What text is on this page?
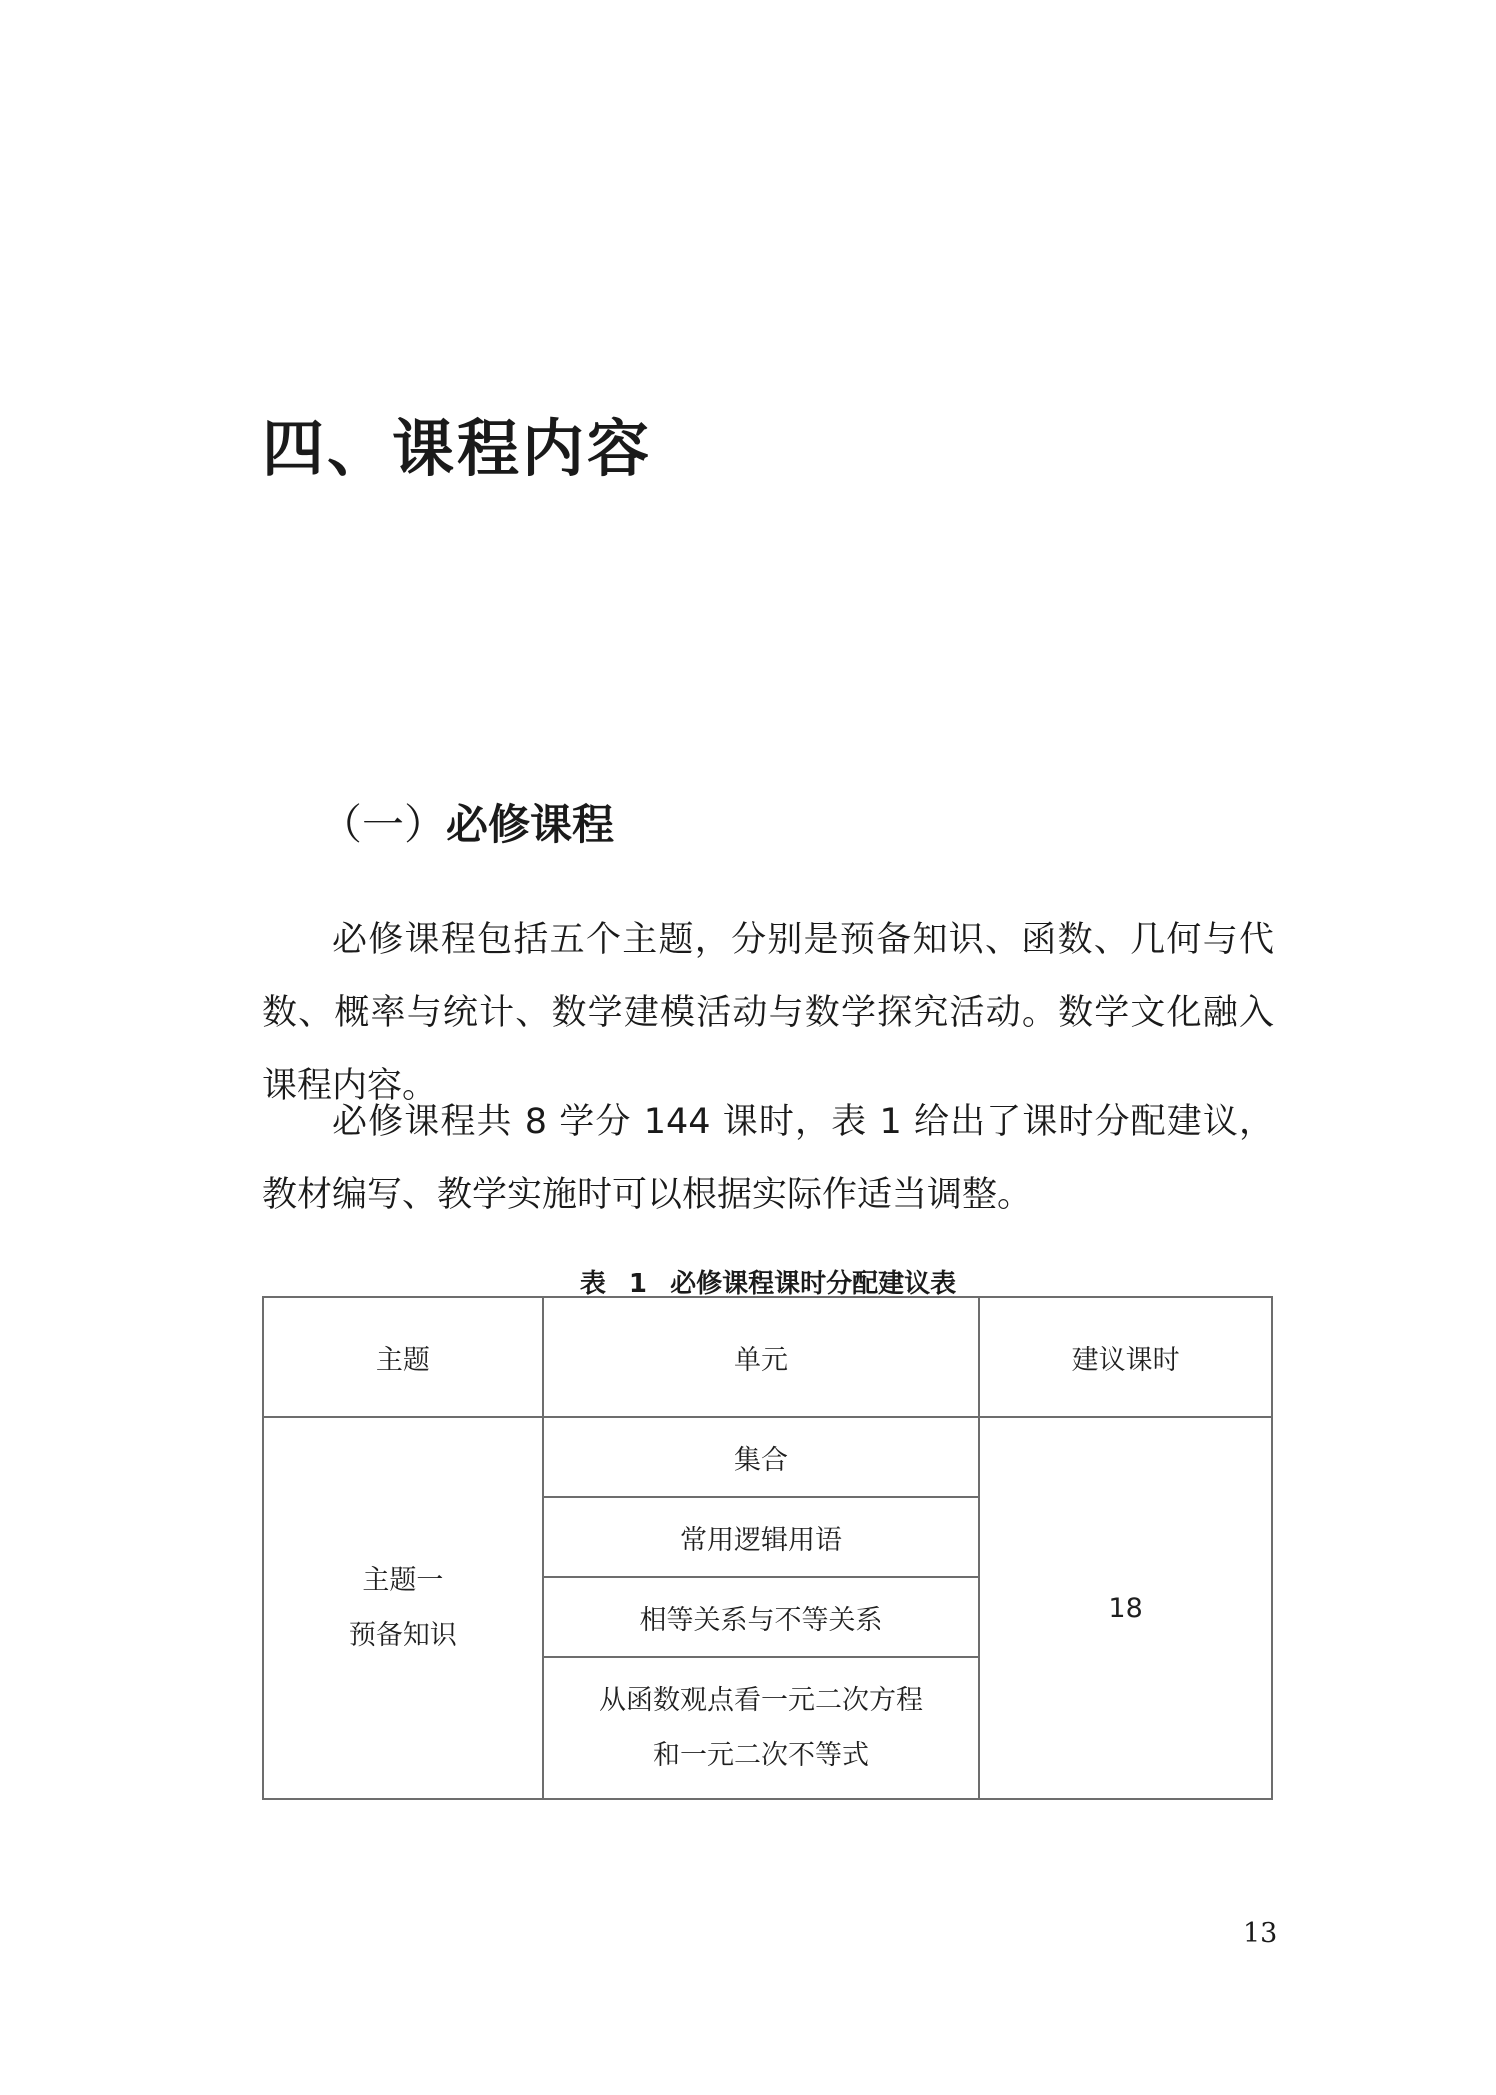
四、课程内容
（一）必修课程

必修课程包括五个主题，分别是预备知识、函数、几何与代数、概率与统计、数学建模活动与数学探究活动。数学文化融入课程内容。

必修课程共 8 学分 144 课时，表 1 给出了课时分配建议，教材编写、教学实施时可以根据实际作适当调整。

表 1 必修课程课时分配建议表

主题	单元	建议课时

主题一
预备知识	集合	18
	常用逻辑用语	
	相等关系与不等关系	

	从函数观点看一元二次方程
和一元二次不等式	

13
